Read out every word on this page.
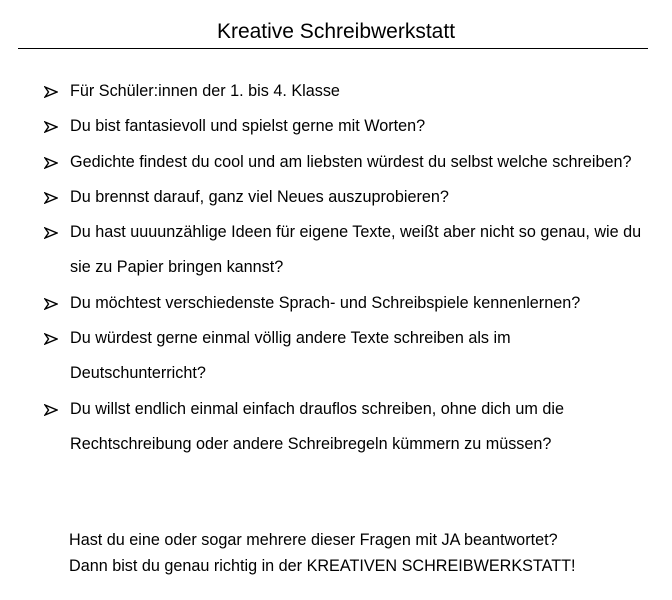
Kreative Schreibwerkstatt
Für Schüler:innen der 1. bis 4. Klasse
Du bist fantasievoll und spielst gerne mit Worten?
Gedichte findest du cool und am liebsten würdest du selbst welche schreiben?
Du brennst darauf, ganz viel Neues auszuprobieren?
Du hast uuuunzählige Ideen für eigene Texte, weißt aber nicht so genau, wie du sie zu Papier bringen kannst?
Du möchtest verschiedenste Sprach- und Schreibspiele kennenlernen?
Du würdest gerne einmal völlig andere Texte schreiben als im Deutschunterricht?
Du willst endlich einmal einfach drauflos schreiben, ohne dich um die Rechtschreibung oder andere Schreibregeln kümmern zu müssen?
Hast du eine oder sogar mehrere dieser Fragen mit JA beantwortet?
Dann bist du genau richtig in der KREATIVEN SCHREIBWERKSTATT!
